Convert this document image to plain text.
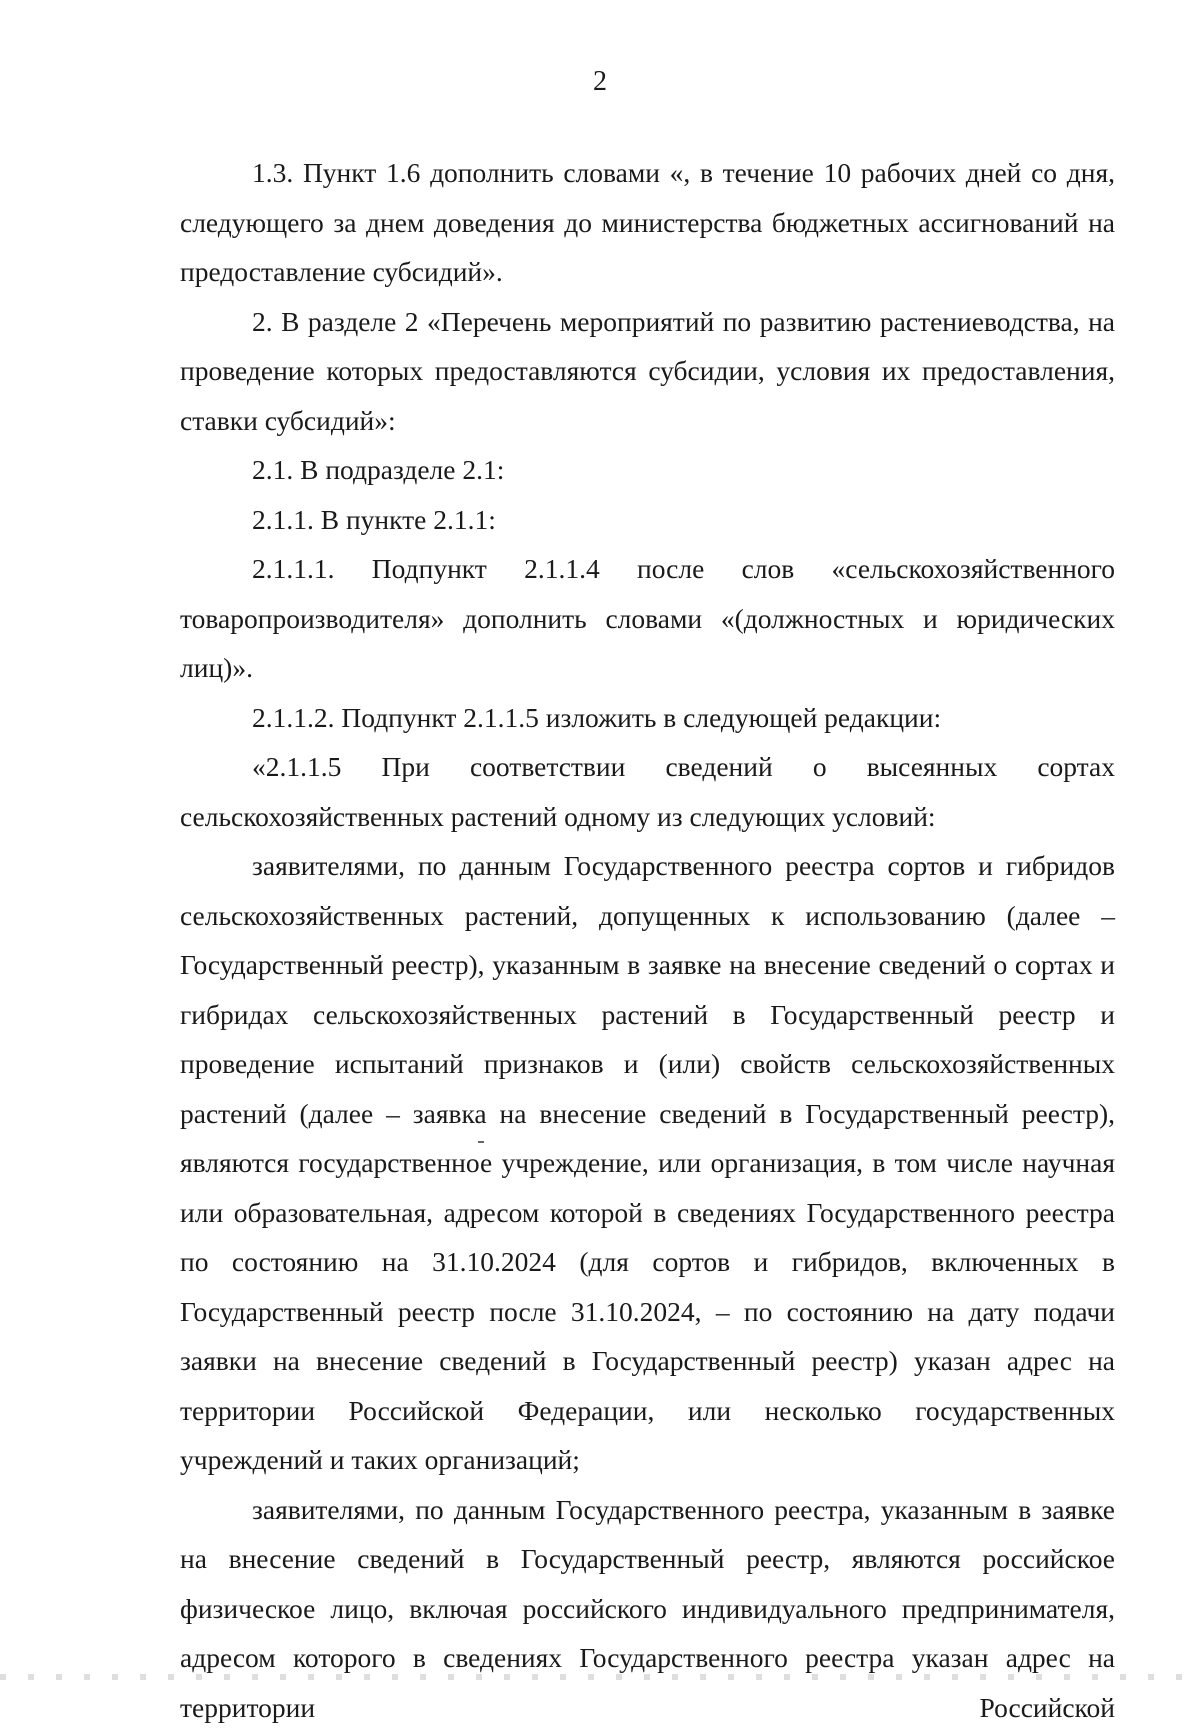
2

1.3. Пункт 1.6 дополнить словами «, в течение 10 рабочих дней со дня, следующего за днем доведения до министерства бюджетных ассигнований на предоставление субсидий».

2. В разделе 2 «Перечень мероприятий по развитию растениеводства, на проведение которых предоставляются субсидии, условия их предоставления, ставки субсидий»:

2.1. В подразделе 2.1:

2.1.1. В пункте 2.1.1:

2.1.1.1. Подпункт 2.1.1.4 после слов «сельскохозяйственного товаропроизводителя» дополнить словами «(должностных и юридических лиц)».

2.1.1.2. Подпункт 2.1.1.5 изложить в следующей редакции:

«2.1.1.5 При соответствии сведений о высеянных сортах сельскохозяйственных растений одному из следующих условий:

заявителями, по данным Государственного реестра сортов и гибридов сельскохозяйственных растений, допущенных к использованию (далее – Государственный реестр), указанным в заявке на внесение сведений о сортах и гибридах сельскохозяйственных растений в Государственный реестр и проведение испытаний признаков и (или) свойств сельскохозяйственных растений (далее – заявка на внесение сведений в Государственный реестр), являются государственное учреждение, или организация, в том числе научная или образовательная, адресом которой в сведениях Государственного реестра по состоянию на 31.10.2024 (для сортов и гибридов, включенных в Государственный реестр после 31.10.2024, – по состоянию на дату подачи заявки на внесение сведений в Государственный реестр) указан адрес на территории Российской Федерации, или несколько государственных учреждений и таких организаций;

заявителями, по данным Государственного реестра, указанным в заявке на внесение сведений в Государственный реестр, являются российское физическое лицо, включая российского индивидуального предпринимателя, адресом которого в сведениях Государственного реестра указан адрес на территории Российской
